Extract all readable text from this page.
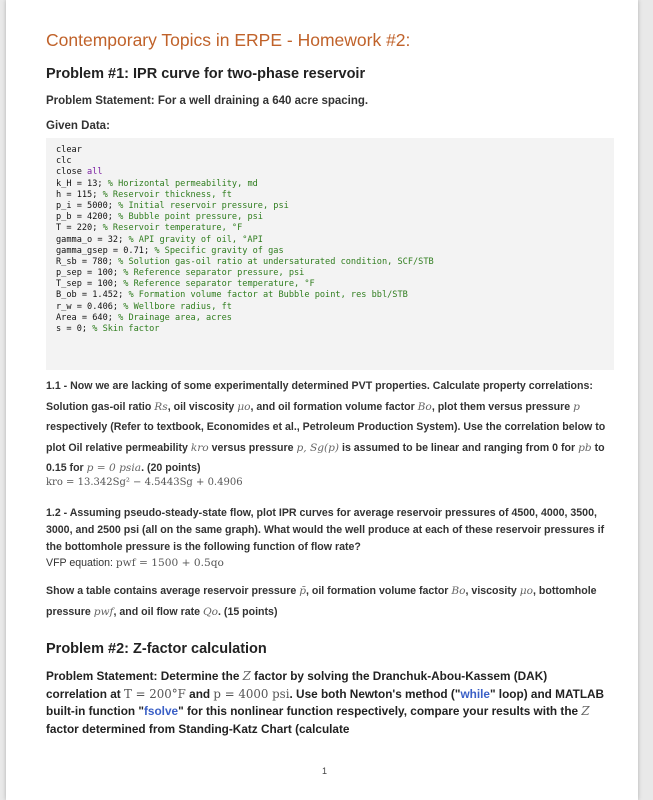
Contemporary Topics in ERPE - Homework #2:
Problem #1: IPR curve for two-phase reservoir
Problem Statement: For a well draining a 640 acre spacing.
Given Data:
clear
clc
close all
k_H = 13; % Horizontal permeability, md
h = 115; % Reservoir thickness, ft
p_i = 5000; % Initial reservoir pressure, psi
p_b = 4200; % Bubble point pressure, psi
T = 220; % Reservoir temperature, °F
gamma_o = 32; % API gravity of oil, °API
gamma_gsep = 0.71; % Specific gravity of gas
R_sb = 780; % Solution gas-oil ratio at undersaturated condition, SCF/STB
p_sep = 100; % Reference separator pressure, psi
T_sep = 100; % Reference separator temperature, °F
B_ob = 1.452; % Formation volume factor at Bubble point, res bbl/STB
r_w = 0.406; % Wellbore radius, ft
Area = 640; % Drainage area, acres
s = 0; % Skin factor
1.1 - Now we are lacking of some experimentally determined PVT properties. Calculate property correlations: Solution gas-oil ratio Rs, oil viscosity μo, and oil formation volume factor Bo, plot them versus pressure p respectively (Refer to textbook, Economides et al., Petroleum Production System). Use the correlation below to plot Oil relative permeability kro versus pressure p, Sg(p) is assumed to be linear and ranging from 0 for pb to 0.15 for p = 0 psia. (20 points)
kro = 13.342Sg² − 4.5443Sg + 0.4906
1.2 - Assuming pseudo-steady-state flow, plot IPR curves for average reservoir pressures of 4500, 4000, 3500, 3000, and 2500 psi (all on the same graph). What would the well produce at each of these reservoir pressures if the bottomhole pressure is the following function of flow rate?
VFP equation: pwf = 1500 + 0.5qo
Show a table contains average reservoir pressure p̄, oil formation volume factor Bo, viscosity μo, bottomhole pressure pwf, and oil flow rate Qo. (15 points)
Problem #2: Z-factor calculation
Problem Statement: Determine the Z factor by solving the Dranchuk-Abou-Kassem (DAK) correlation at T = 200°F and p = 4000 psi. Use both Newton's method ("while" loop) and MATLAB built-in function "fsolve" for this nonlinear function respectively, compare your results with the Z factor determined from Standing-Katz Chart (calculate
1
